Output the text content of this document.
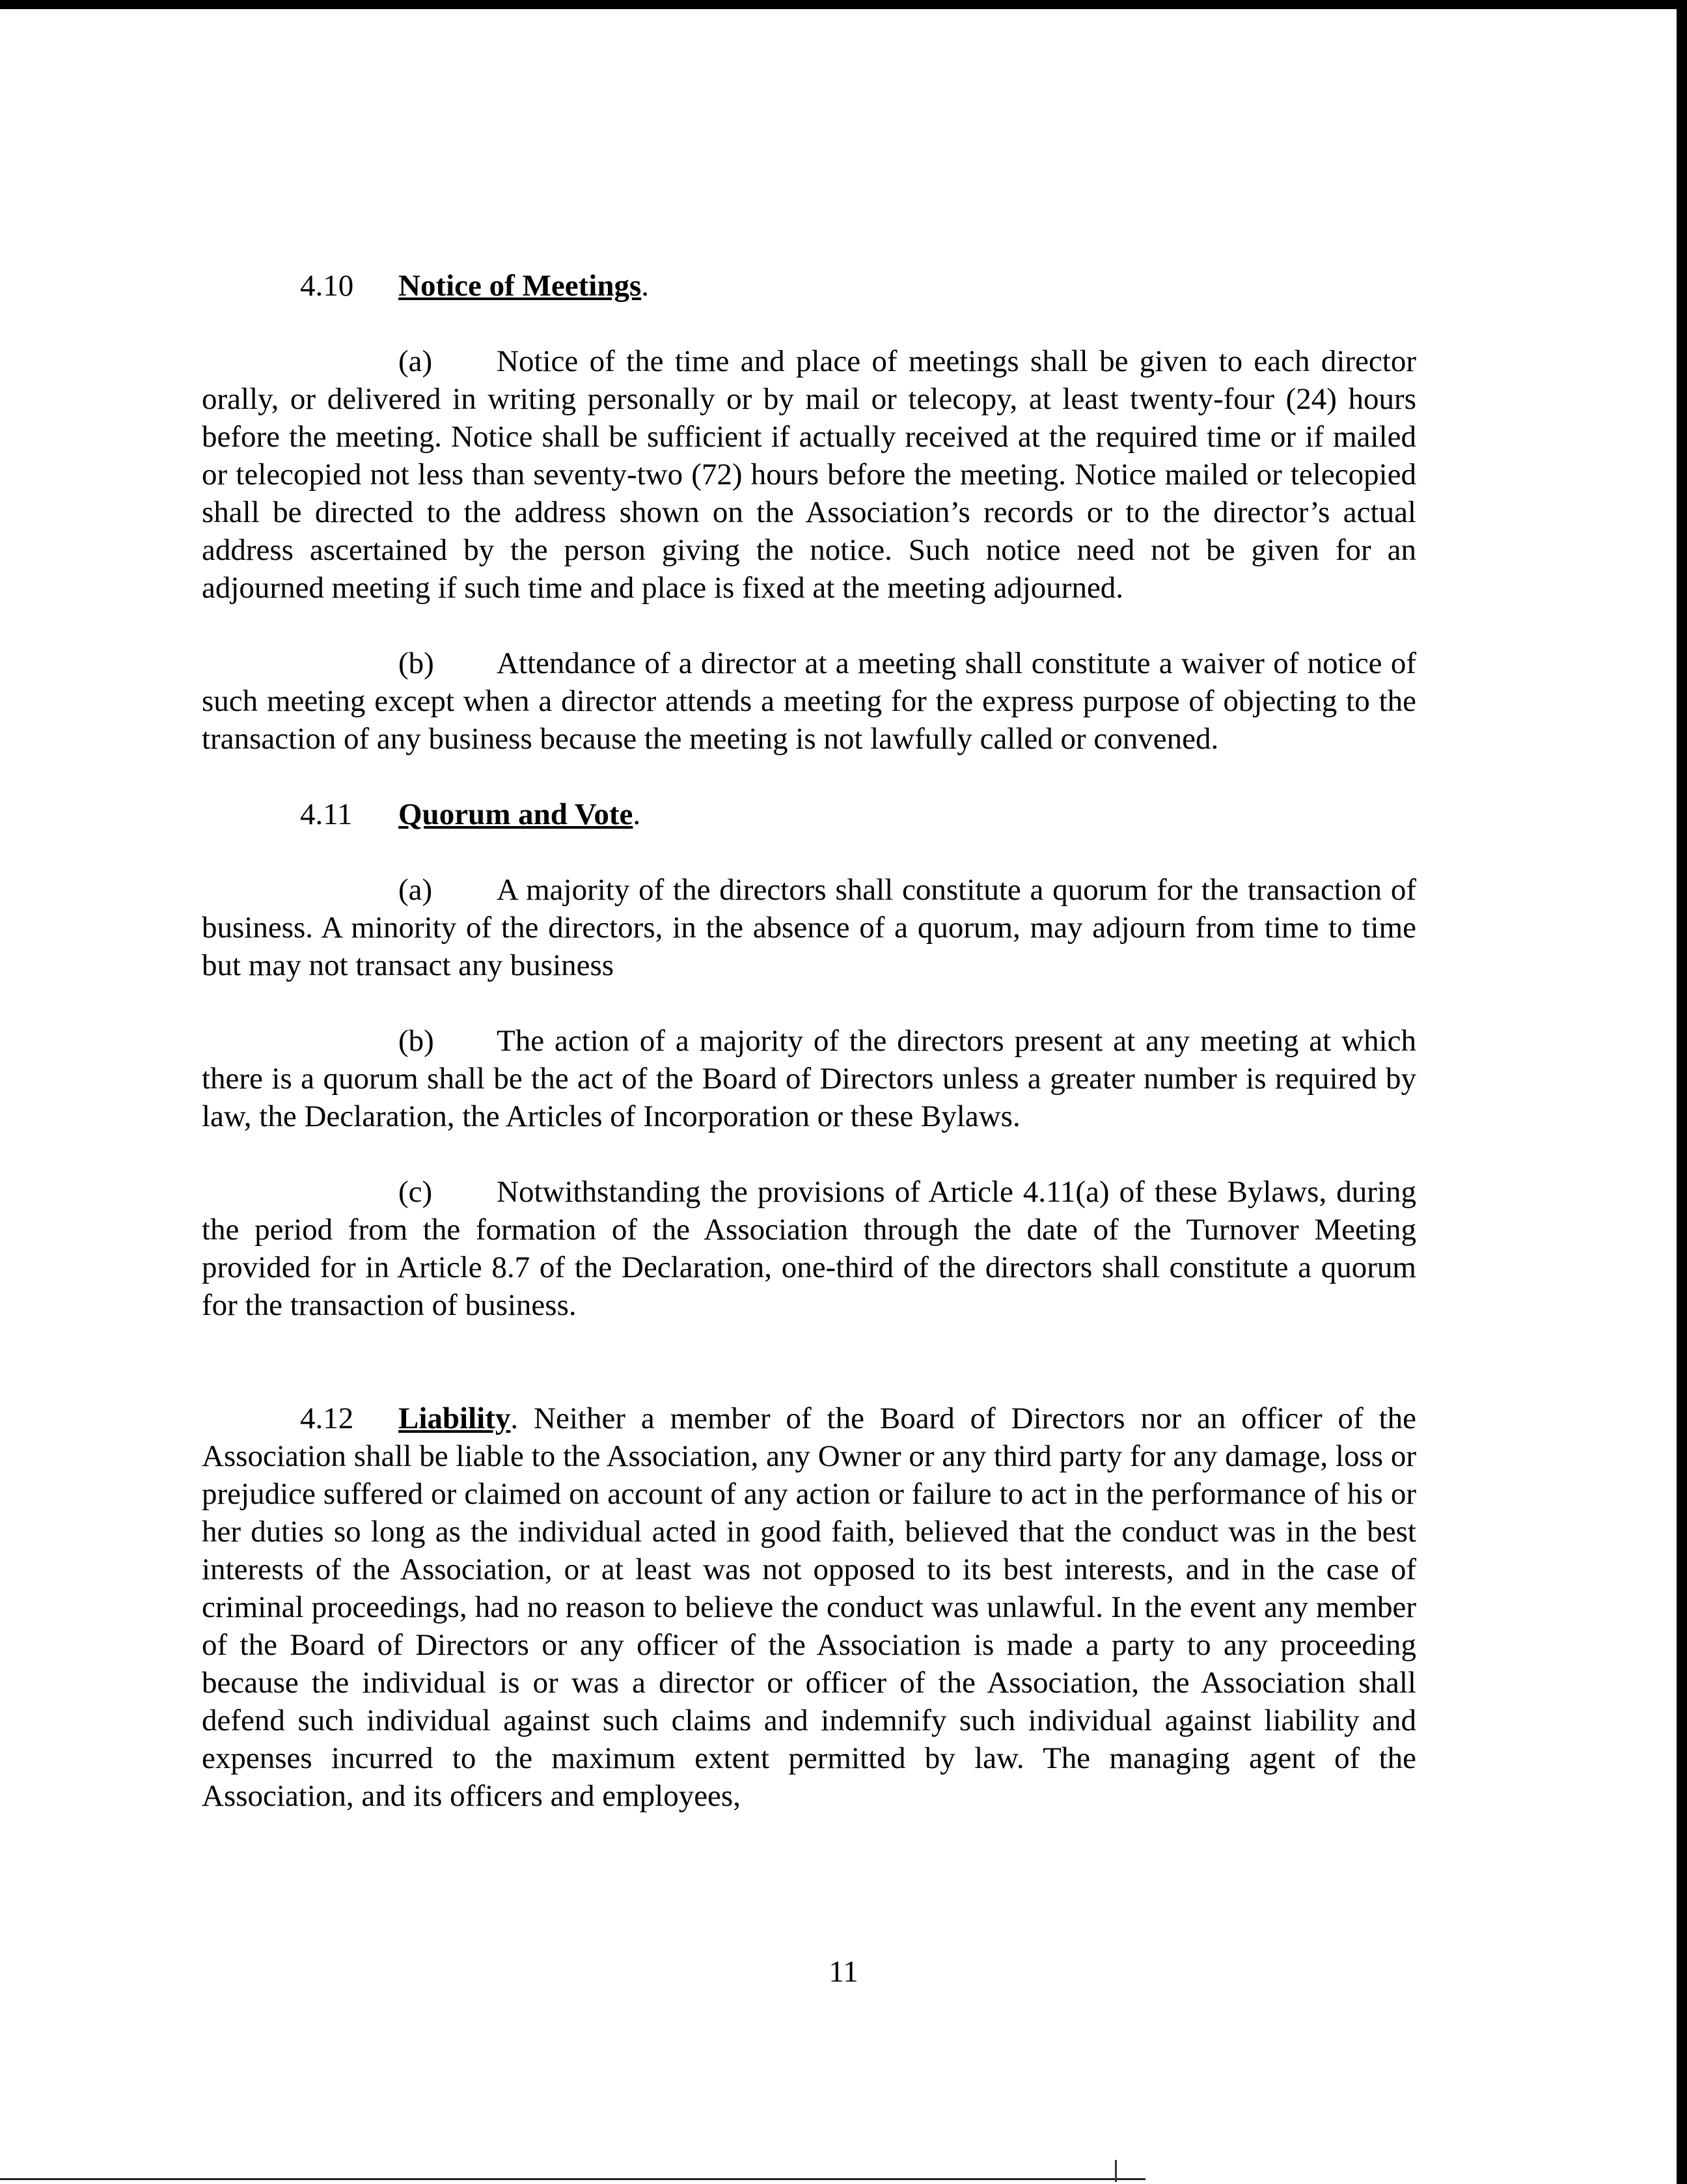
4.10 Notice of Meetings.

(a) Notice of the time and place of meetings shall be given to each director orally, or delivered in writing personally or by mail or telecopy, at least twenty-four (24) hours before the meeting. Notice shall be sufficient if actually received at the required time or if mailed or telecopied not less than seventy-two (72) hours before the meeting. Notice mailed or telecopied shall be directed to the address shown on the Association’s records or to the director’s actual address ascertained by the person giving the notice. Such notice need not be given for an adjourned meeting if such time and place is fixed at the meeting adjourned.

(b) Attendance of a director at a meeting shall constitute a waiver of notice of such meeting except when a director attends a meeting for the express purpose of objecting to the transaction of any business because the meeting is not lawfully called or convened.

4.11 Quorum and Vote.

(a) A majority of the directors shall constitute a quorum for the transaction of business. A minority of the directors, in the absence of a quorum, may adjourn from time to time but may not transact any business

(b) The action of a majority of the directors present at any meeting at which there is a quorum shall be the act of the Board of Directors unless a greater number is required by law, the Declaration, the Articles of Incorporation or these Bylaws.

(c) Notwithstanding the provisions of Article 4.11(a) of these Bylaws, during the period from the formation of the Association through the date of the Turnover Meeting provided for in Article 8.7 of the Declaration, one-third of the directors shall constitute a quorum for the transaction of business.

4.12 Liability. Neither a member of the Board of Directors nor an officer of the Association shall be liable to the Association, any Owner or any third party for any damage, loss or prejudice suffered or claimed on account of any action or failure to act in the performance of his or her duties so long as the individual acted in good faith, believed that the conduct was in the best interests of the Association, or at least was not opposed to its best interests, and in the case of criminal proceedings, had no reason to believe the conduct was unlawful. In the event any member of the Board of Directors or any officer of the Association is made a party to any proceeding because the individual is or was a director or officer of the Association, the Association shall defend such individual against such claims and indemnify such individual against liability and expenses incurred to the maximum extent permitted by law. The managing agent of the Association, and its officers and employees,

11
